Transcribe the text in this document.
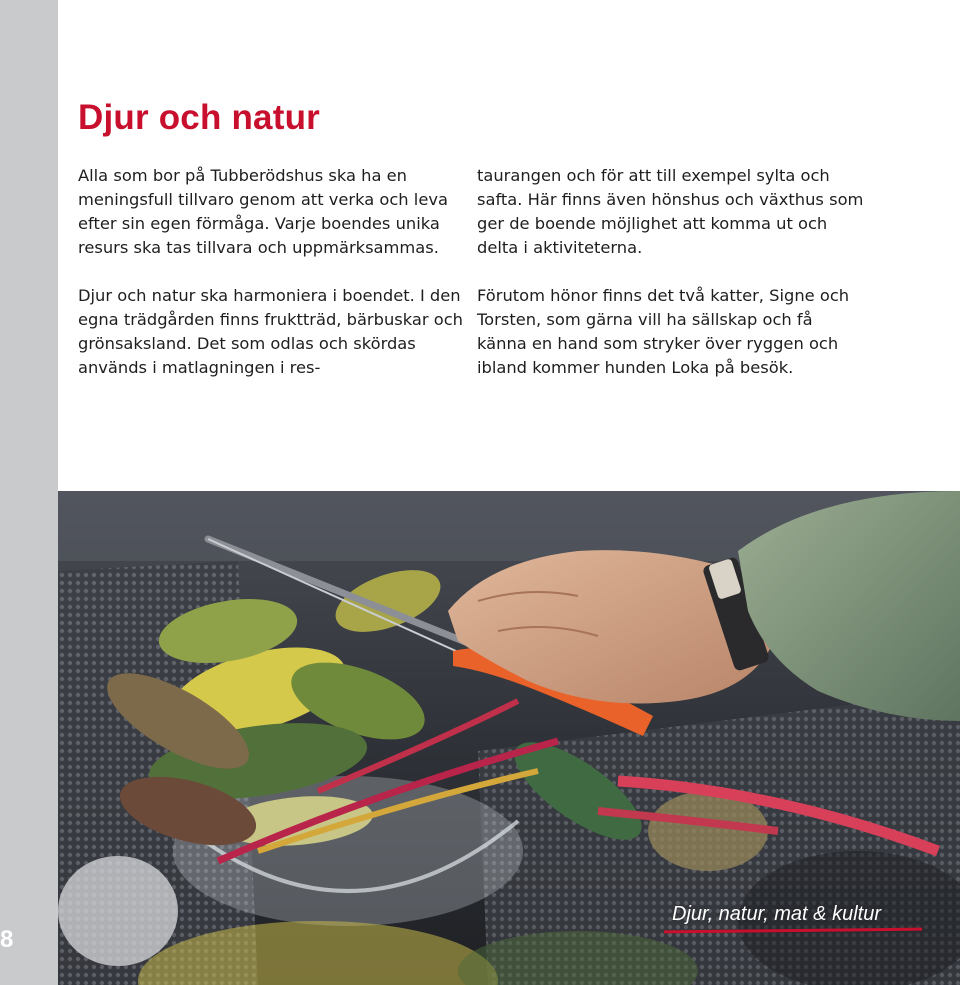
8
Djur och natur

Alla som bor på Tubberödshus ska ha en meningsfull tillvaro genom att verka och leva efter sin egen förmåga. Varje boendes unika resurs ska tas tillvara och uppmärksammas.

Djur och natur ska harmoniera i boendet. I den egna trädgården finns fruktträd, bärbuskar och grönsaksland. Det som odlas och skördas används i matlagningen i res-

taurangen och för att till exempel sylta och safta. Här finns även hönshus och växthus som ger de boende möjlighet att komma ut och delta i aktiviteterna.

Förutom hönor finns det två katter, Signe och Torsten, som gärna vill ha sällskap och få känna en hand som stryker över ryggen och ibland kommer hunden Loka på besök.

Djur, natur, mat & kultur
